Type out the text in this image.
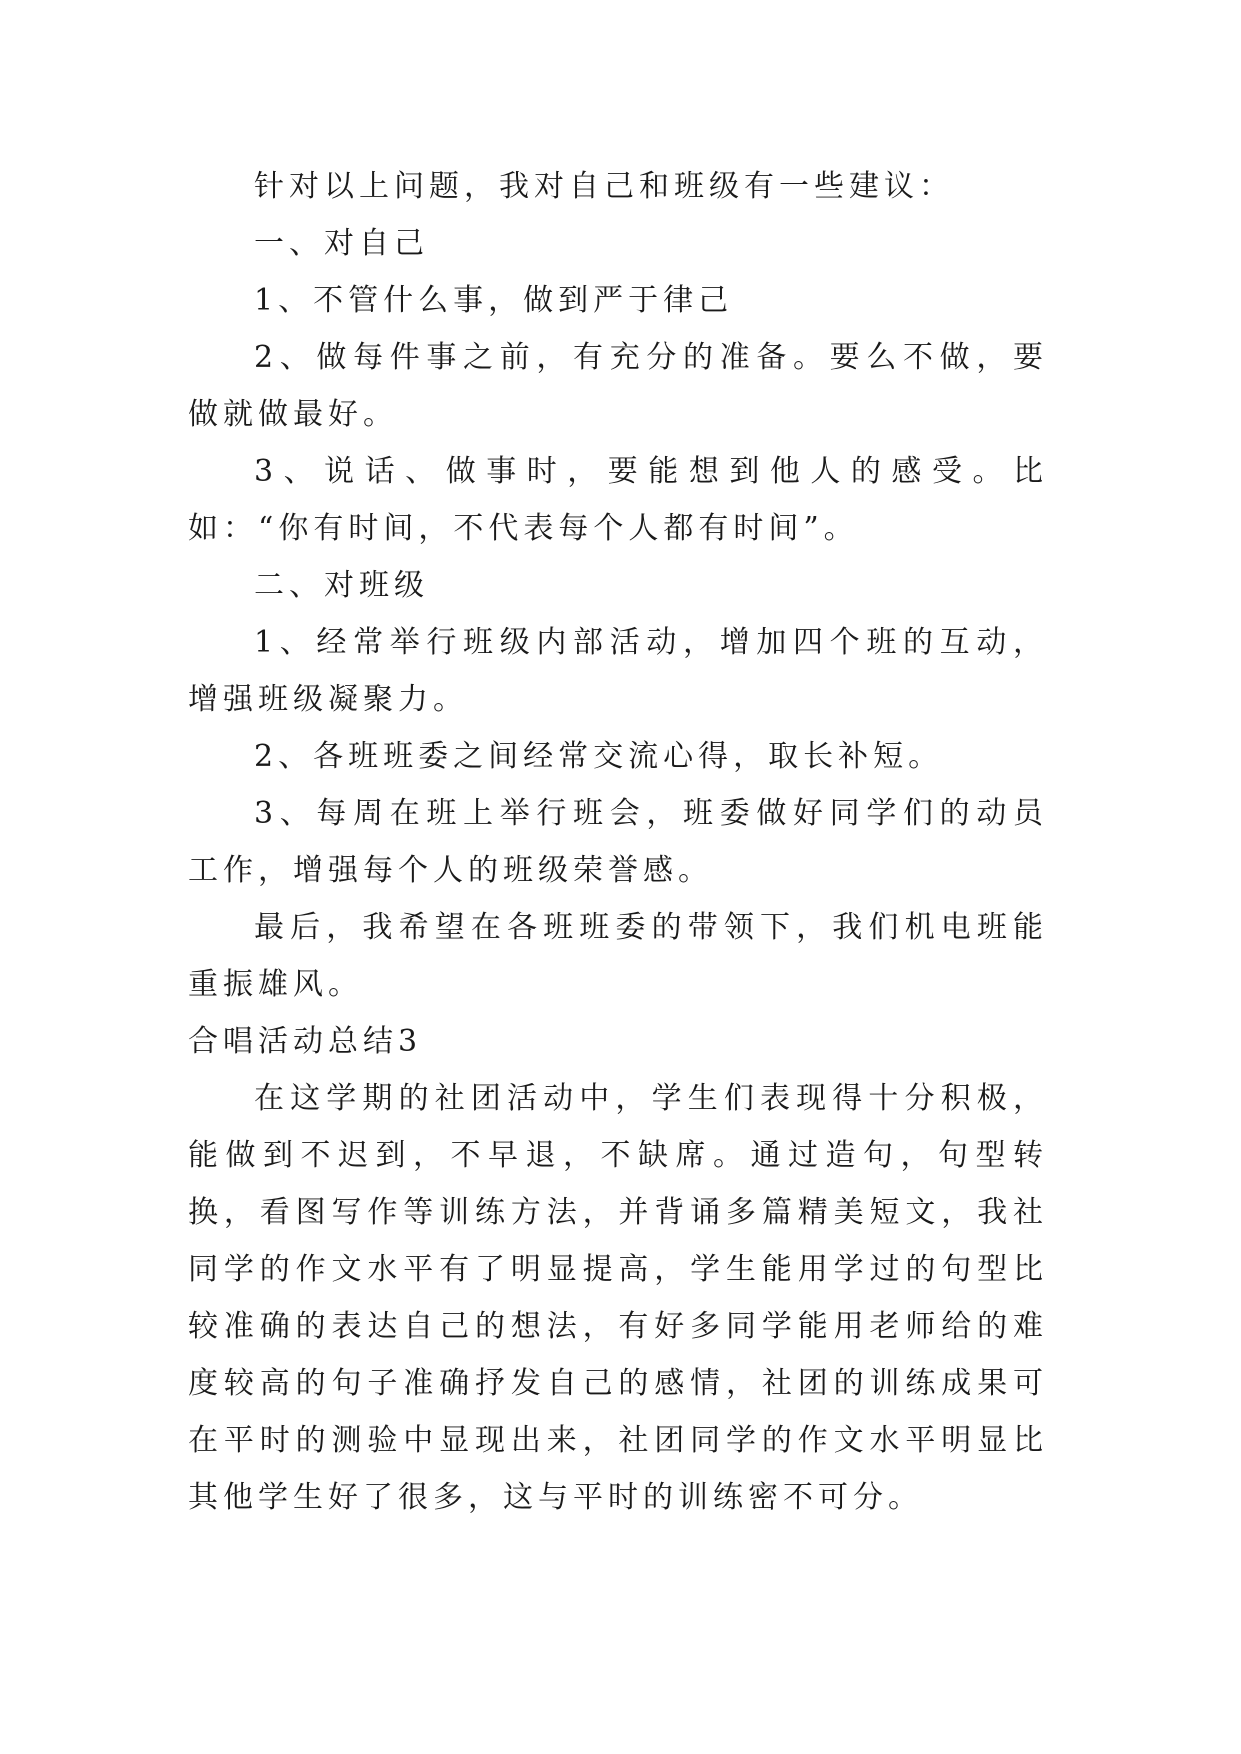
针对以上问题，我对自己和班级有一些建议：

一、对自己

1、不管什么事，做到严于律己

2、做每件事之前，有充分的准备。要么不做，要做就做最好。

3、说话、做事时，要能想到他人的感受。比如：“你有时间，不代表每个人都有时间”。

二、对班级

1、经常举行班级内部活动，增加四个班的互动，增强班级凝聚力。

2、各班班委之间经常交流心得，取长补短。

3、每周在班上举行班会，班委做好同学们的动员工作，增强每个人的班级荣誉感。

最后，我希望在各班班委的带领下，我们机电班能重振雄风。

合唱活动总结3

在这学期的社团活动中，学生们表现得十分积极，能做到不迟到，不早退，不缺席。通过造句，句型转换，看图写作等训练方法，并背诵多篇精美短文，我社同学的作文水平有了明显提高，学生能用学过的句型比较准确的表达自己的想法，有好多同学能用老师给的难度较高的句子准确抒发自己的感情，社团的训练成果可在平时的测验中显现出来，社团同学的作文水平明显比其他学生好了很多，这与平时的训练密不可分。
